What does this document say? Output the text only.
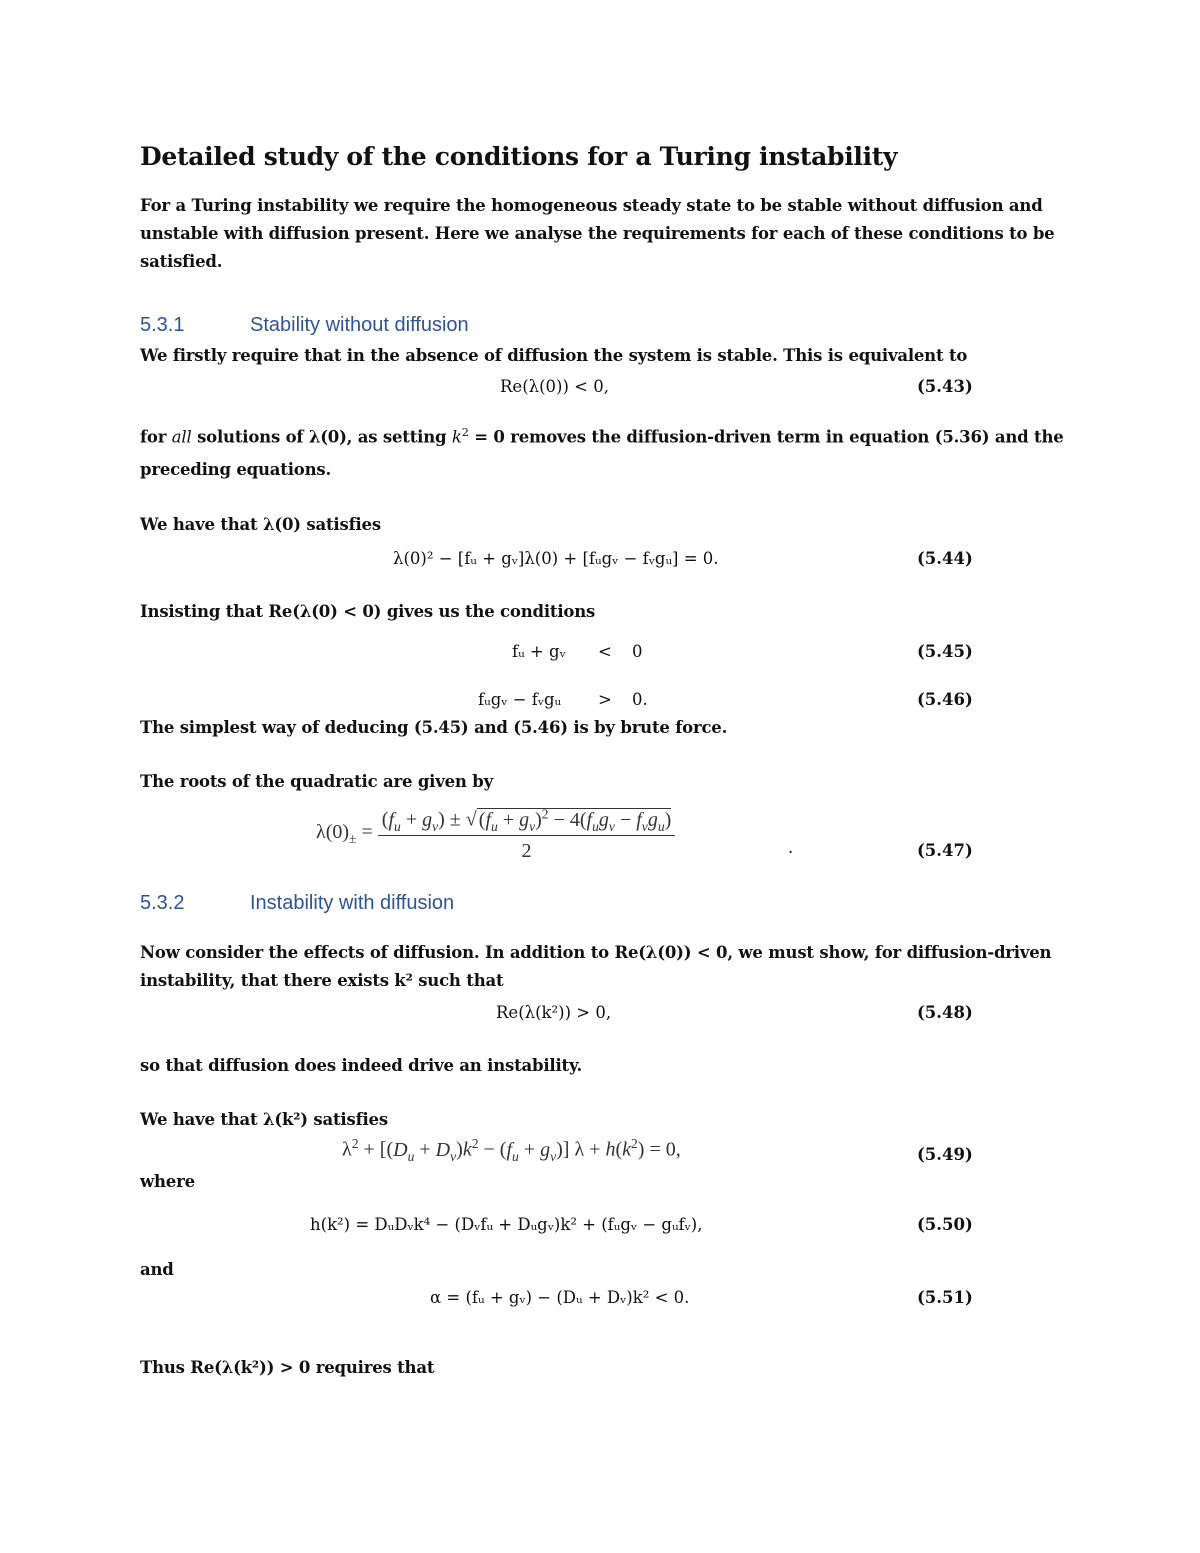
Detailed study of the conditions for a Turing instability
For a Turing instability we require the homogeneous steady state to be stable without diffusion and
unstable with diffusion present. Here we analyse the requirements for each of these conditions to be
satisfied.
5.3.1	Stability without diffusion
We firstly require that in the absence of diffusion the system is stable. This is equivalent to
Re(λ(0)) < 0,	(5.43)
for all solutions of λ(0), as setting $k^2 = 0$ removes the diffusion-driven term in equation (5.36) and the
preceding equations.
We have that λ(0) satisfies
λ(0)² − [fᵤ + gᵥ]λ(0) + [fᵤgᵥ − fᵥgᵤ] = 0.	(5.44)
Insisting that Re(λ(0) < 0) gives us the conditions
fᵤ + gᵥ < 0	(5.45)
fᵤgᵥ − fᵥgᵤ > 0.	(5.46)
The simplest way of deducing (5.45) and (5.46) is by brute force.
The roots of the quadratic are given by
$\lambda(0)_\pm = \frac{(f_u + g_v) \pm √ (f_u + g_v)^2 - 4(f_ug_v - f_vg_u)}{2}$	.	(5.47)
5.3.2	Instability with diffusion
Now consider the effects of diffusion. In addition to Re(λ(0)) < 0, we must show, for diffusion-driven
instability, that there exists k² such that
Re(λ(k²)) > 0,	(5.48)
so that diffusion does indeed drive an instability.
We have that λ(k²) satisfies
$\lambda^2 + [(D_u + D_v)k^2 - (f_u + g_v)] \lambda + h(k^2) = 0$,	(5.49)
where
h(k²) = DᵤDᵥk⁴ − (Dᵥfᵤ + Dᵤgᵥ)k² + (fᵤgᵥ − gᵤfᵥ),	(5.50)
and
α = (fᵤ + gᵥ) − (Dᵤ + Dᵥ)k² < 0.	(5.51)
Thus Re(λ(k²)) > 0 requires that
